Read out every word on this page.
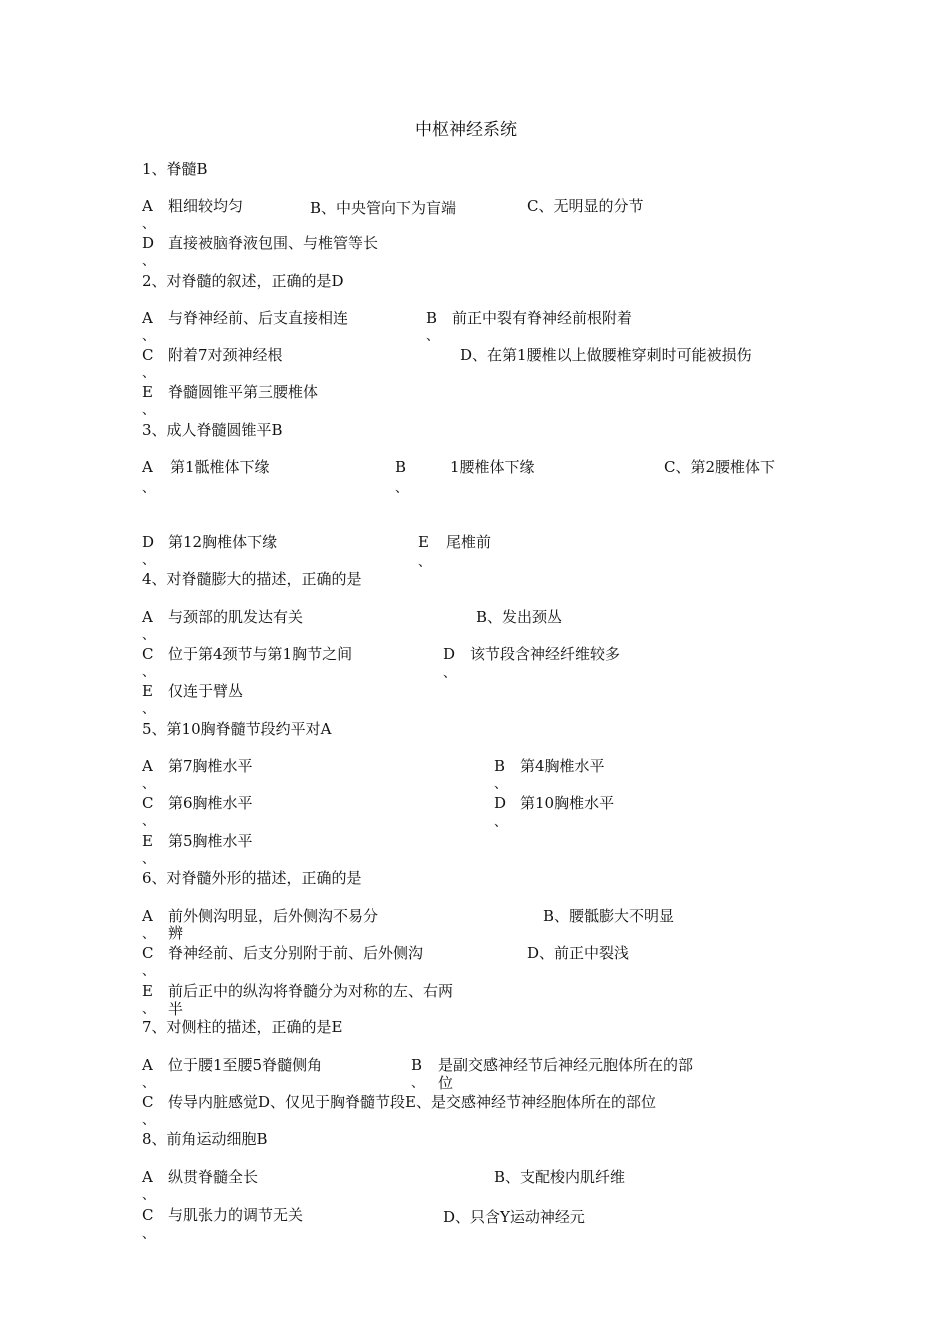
中枢神经系统
1、脊髓B
A
、
粗细较均匀	B、中央管向下为盲端	C、无明显的分节
D
、
直接被脑脊液包围、与椎管等长
2、对脊髓的叙述，正确的是D
A
、
与脊神经前、后支直接相连	B
、
前正中裂有脊神经前根附着
C
、
附着7对颈神经根	D、在第1腰椎以上做腰椎穿刺时可能被损伤
E
、
脊髓圆锥平第三腰椎体
3、成人脊髓圆锥平B
A
、
第1骶椎体下缘	B
、
1腰椎体下缘	C、第2腰椎体下
D
、
第12胸椎体下缘	E
、
尾椎前
4、对脊髓膨大的描述，正确的是
A
、
与颈部的肌发达有关	B、发出颈丛
C
、
位于第4颈节与第1胸节之间	D
、
该节段含神经纤维较多
E
、
仅连于臂丛
5、第10胸脊髓节段约平对A
A
、
第7胸椎水平	B
、
第4胸椎水平
C
、
第6胸椎水平	D
、
第10胸椎水平
E
、
第5胸椎水平
6、对脊髓外形的描述，正确的是
A
、
前外侧沟明显，后外侧沟不易分
辨
B、腰骶膨大不明显
C
、
脊神经前、后支分别附于前、后外侧沟	D、前正中裂浅
E
、
前后正中的纵沟将脊髓分为对称的左、右两
半
7、对侧柱的描述，正确的是E
A
、
位于腰1至腰5脊髓侧角	B
、
是副交感神经节后神经元胞体所在的部
位
C
、
传导内脏感觉D、仅见于胸脊髓节段E、是交感神经节神经胞体所在的部位
8、前角运动细胞B
A
、
纵贯脊髓全长	B、支配梭内肌纤维
C
、
与肌张力的调节无关	D、只含Y运动神经元
